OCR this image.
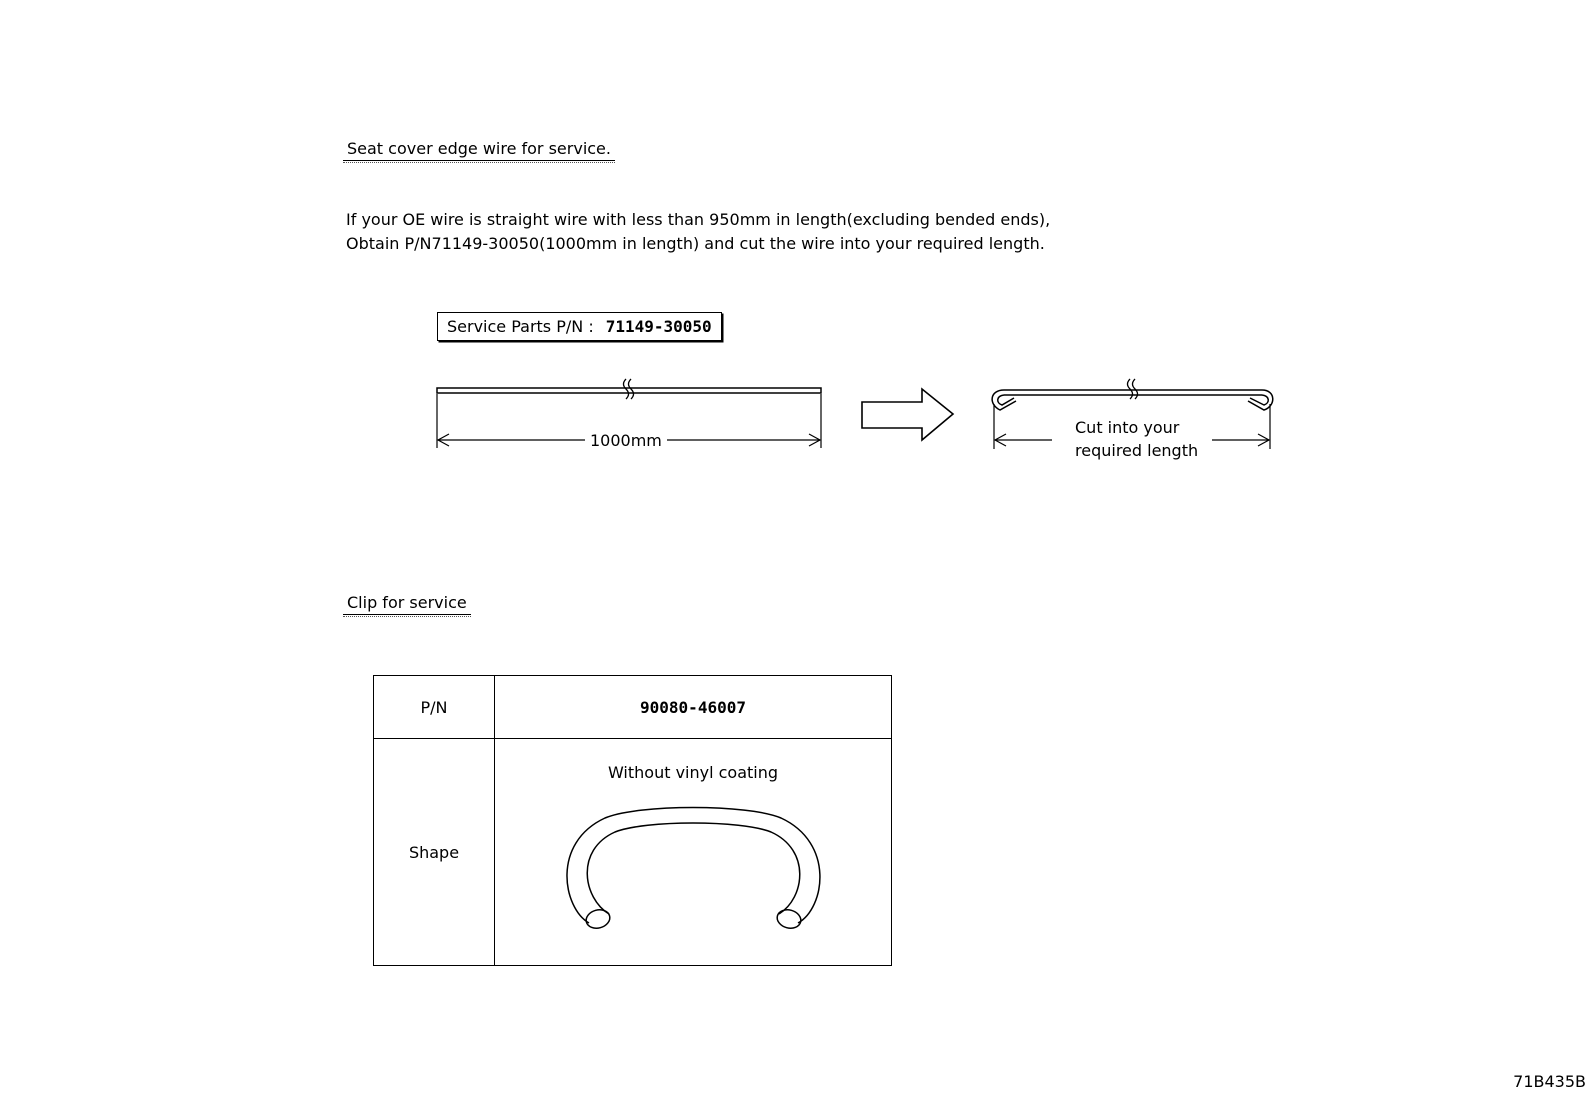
Seat cover edge wire for service.
If your OE wire is straight wire with less than 950mm in length(excluding bended ends),
Obtain P/N71149-30050(1000mm in length) and cut the wire into your required length.
Service Parts P/N : 71149-30050
1000mm
Cut into your
required length
Clip for service
P/N	90080-46007
Shape	Without vinyl coating
71B435B
